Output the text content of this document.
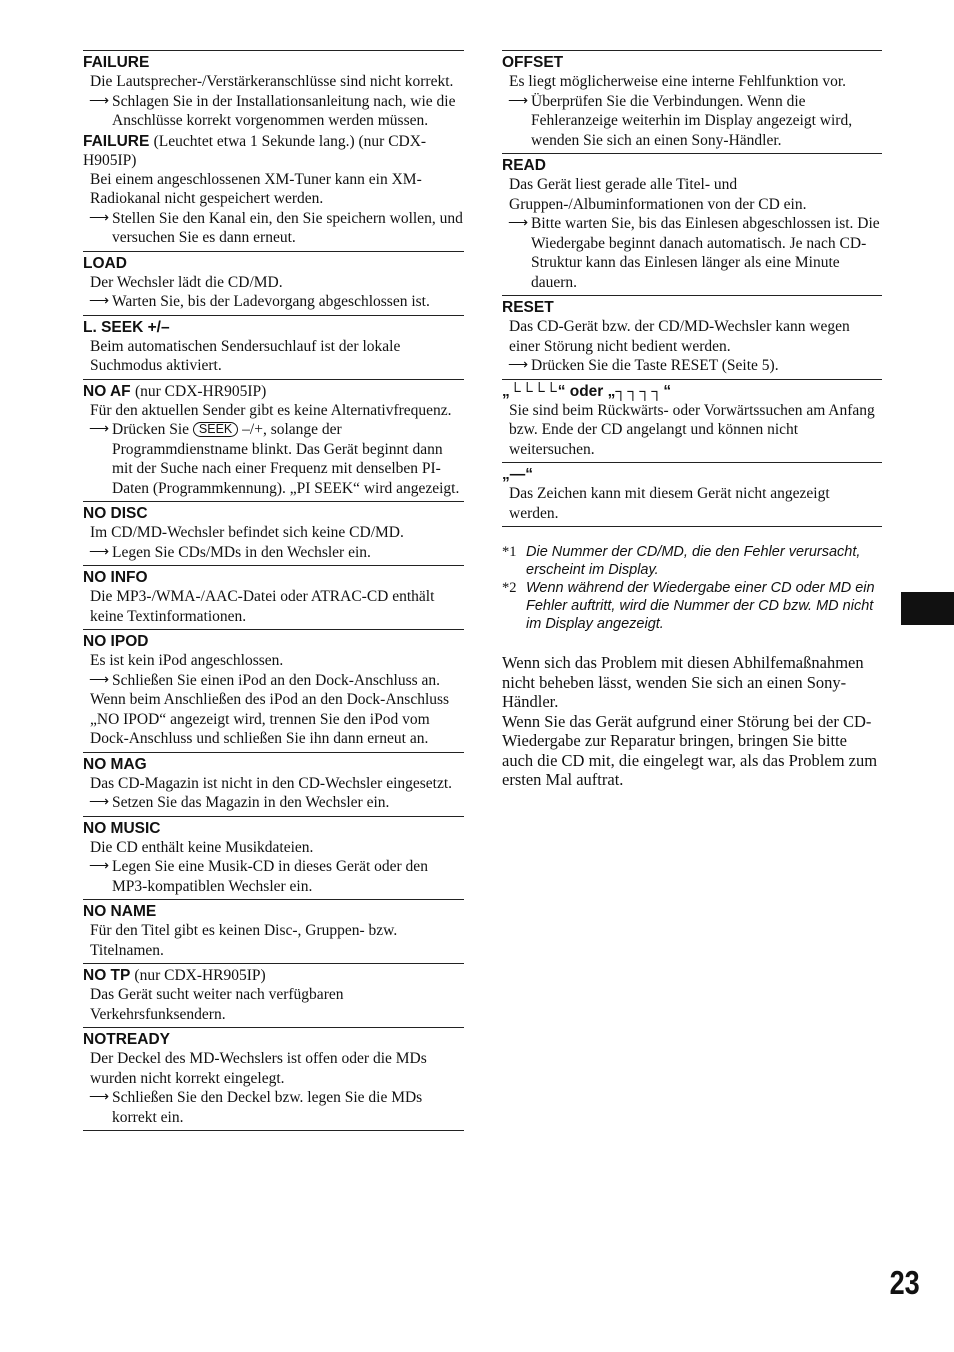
FAILURE
Die Lautsprecher-/Verstärkeranschlüsse sind nicht korrekt.
⟶ Schlagen Sie in der Installationsanleitung nach, wie die Anschlüsse korrekt vorgenommen werden müssen.
FAILURE (Leuchtet etwa 1 Sekunde lang.) (nur CDX-H905IP)
Bei einem angeschlossenen XM-Tuner kann ein XM-Radiokanal nicht gespeichert werden.
⟶ Stellen Sie den Kanal ein, den Sie speichern wollen, und versuchen Sie es dann erneut.
LOAD
Der Wechsler lädt die CD/MD.
⟶ Warten Sie, bis der Ladevorgang abgeschlossen ist.
L. SEEK +/–
Beim automatischen Sendersuchlauf ist der lokale Suchmodus aktiviert.
NO AF (nur CDX-HR905IP)
Für den aktuellen Sender gibt es keine Alternativfrequenz.
⟶ Drücken Sie SEEK –/+, solange der Programmdienstname blinkt. Das Gerät beginnt dann mit der Suche nach einer Frequenz mit denselben PI-Daten (Programmkennung). „PI SEEK“ wird angezeigt.
NO DISC
Im CD/MD-Wechsler befindet sich keine CD/MD.
⟶ Legen Sie CDs/MDs in den Wechsler ein.
NO INFO
Die MP3-/WMA-/AAC-Datei oder ATRAC-CD enthält keine Textinformationen.
NO IPOD
Es ist kein iPod angeschlossen.
⟶ Schließen Sie einen iPod an den Dock-Anschluss an.
Wenn beim Anschließen des iPod an den Dock-Anschluss „NO IPOD“ angezeigt wird, trennen Sie den iPod vom Dock-Anschluss und schließen Sie ihn dann erneut an.
NO MAG
Das CD-Magazin ist nicht in den CD-Wechsler eingesetzt.
⟶ Setzen Sie das Magazin in den Wechsler ein.
NO MUSIC
Die CD enthält keine Musikdateien.
⟶ Legen Sie eine Musik-CD in dieses Gerät oder den MP3-kompatiblen Wechsler ein.
NO NAME
Für den Titel gibt es keinen Disc-, Gruppen- bzw. Titelnamen.
NO TP (nur CDX-HR905IP)
Das Gerät sucht weiter nach verfügbaren Verkehrsfunksendern.
NOTREADY
Der Deckel des MD-Wechslers ist offen oder die MDs wurden nicht korrekt eingelegt.
⟶ Schließen Sie den Deckel bzw. legen Sie die MDs korrekt ein.
OFFSET
Es liegt möglicherweise eine interne Fehlfunktion vor.
⟶ Überprüfen Sie die Verbindungen. Wenn die Fehleranzeige weiterhin im Display angezeigt wird, wenden Sie sich an einen Sony-Händler.
READ
Das Gerät liest gerade alle Titel- und Gruppen-/Albuminformationen von der CD ein.
⟶ Bitte warten Sie, bis das Einlesen abgeschlossen ist. Die Wiedergabe beginnt danach automatisch. Je nach CD-Struktur kann das Einlesen länger als eine Minute dauern.
RESET
Das CD-Gerät bzw. der CD/MD-Wechsler kann wegen einer Störung nicht bedient werden.
⟶ Drücken Sie die Taste RESET (Seite 5).
„└└└└“ oder „┐┐┐┐“
Sie sind beim Rückwärts- oder Vorwärtssuchen am Anfang bzw. Ende der CD angelangt und können nicht weitersuchen.
„—“
Das Zeichen kann mit diesem Gerät nicht angezeigt werden.
*1 Die Nummer der CD/MD, die den Fehler verursacht, erscheint im Display.
*2 Wenn während der Wiedergabe einer CD oder MD ein Fehler auftritt, wird die Nummer der CD bzw. MD nicht im Display angezeigt.
Wenn sich das Problem mit diesen Abhilfemaßnahmen nicht beheben lässt, wenden Sie sich an einen Sony-Händler.
Wenn Sie das Gerät aufgrund einer Störung bei der CD-Wiedergabe zur Reparatur bringen, bringen Sie bitte auch die CD mit, die eingelegt war, als das Problem zum ersten Mal auftrat.
23
